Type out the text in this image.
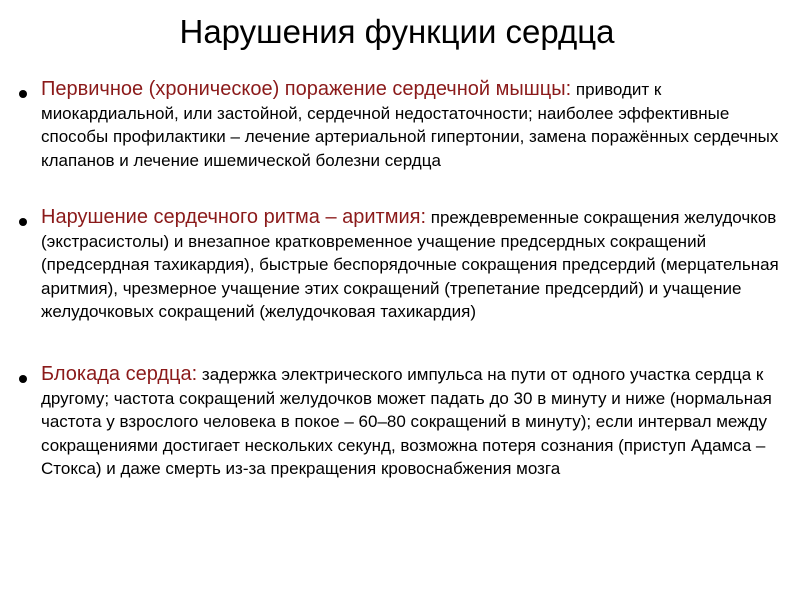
Нарушения функции сердца
Первичное (хроническое) поражение сердечной мышцы: приводит к миокардиальной, или застойной, сердечной недостаточности; наиболее эффективные способы профилактики – лечение артериальной гипертонии, замена поражённых сердечных клапанов и лечение ишемической болезни сердца
Нарушение сердечного ритма – аритмия: преждевременные сокращения желудочков (экстрасистолы) и внезапное кратковременное учащение предсердных сокращений (предсердная тахикардия), быстрые беспорядочные сокращения предсердий (мерцательная аритмия), чрезмерное учащение этих сокращений (трепетание предсердий) и учащение желудочковых сокращений (желудочковая тахикардия)
Блокада сердца: задержка электрического импульса на пути от одного участка сердца к другому; частота сокращений желудочков может падать до 30 в минуту и ниже (нормальная частота у взрослого человека в покое – 60–80 сокращений в минуту); если интервал между сокращениями достигает нескольких секунд, возможна потеря сознания (приступ Адамса – Стокса) и даже смерть из-за прекращения кровоснабжения мозга
